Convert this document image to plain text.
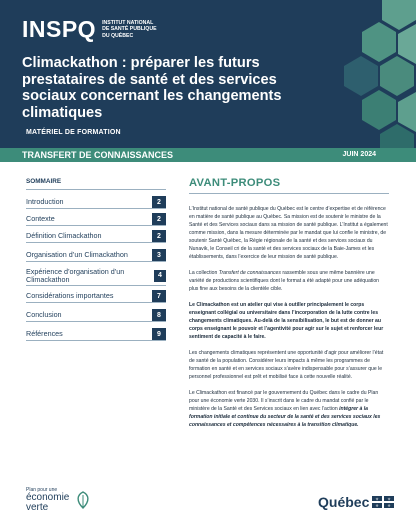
INSPQ INSTITUT NATIONAL
DE SANTÉ PUBLIQUE
DU QUÉBEC
Climackathon : préparer les futurs prestataires de santé et des services sociaux concernant les changements climatiques
MATÉRIEL DE FORMATION
TRANSFERT DE CONNAISSANCES	JUIN 2024
SOMMAIRE
Introduction	2
Contexte	2
Définition Climackathon	2
Organisation d’un Climackathon	3
Expérience d’organisation d’un Climackathon	4
Considérations importantes	7
Conclusion	8
Références	9
AVANT-PROPOS

L’Institut national de santé publique du Québec est le centre d’expertise et de référence en matière de santé publique au Québec. Sa mission est de soutenir le ministre de la Santé et des Services sociaux dans sa mission de santé publique. L’Institut a également comme mission, dans la mesure déterminée par le mandat que lui confie le ministre, de soutenir Santé Québec, la Régie régionale de la santé et des services sociaux du Nunavik, le Conseil cri de la santé et des services sociaux de la Baie-James et les établissements, dans l’exercice de leur mission de santé publique.

La collection Transfert de connaissances rassemble sous une même bannière une variété de productions scientifiques dont le format a été adapté pour une adéquation plus fine aux besoins de la clientèle cible.

Le Climackathon est un atelier qui vise à outiller principalement le corps enseignant collégial ou universitaire dans l’incorporation de la lutte contre les changements climatiques. Au-delà de la sensibilisation, le but est de donner au corps enseignant le pouvoir et l’agentivité pour agir sur le sujet et renforcer leur sentiment de capacité à le faire.

Les changements climatiques représentent une opportunité d’agir pour améliorer l’état de santé de la population. Considérer leurs impacts à même les programmes de formation en santé et en services sociaux s’avère indispensable pour s’assurer que le personnel professionnel est prêt et mobilisé face à cette nouvelle réalité.

Le Climackathon est financé par le gouvernement du Québec dans le cadre du Plan pour une économie verte 2030. Il s’inscrit dans le cadre du mandat confié par le ministère de la Santé et des Services sociaux en lien avec l’action intégrer à la formation initiale et continue du secteur de la santé et des services sociaux les connaissances et compétences nécessaires à la transition climatique.

Plan pour une
économie
verte	Québec ⚜ ⚜
⚜ ⚜
